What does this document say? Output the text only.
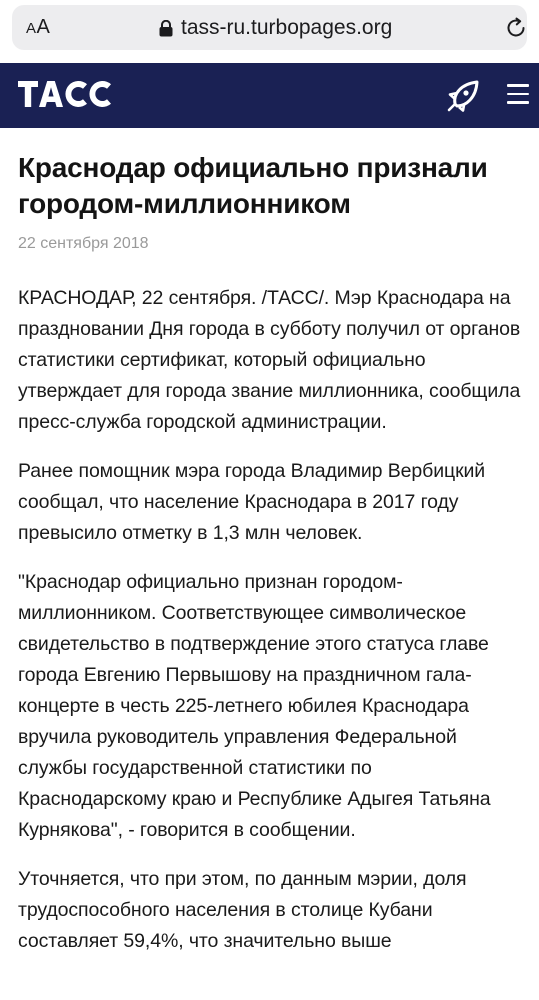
AA	tass-ru.turbopages.org
Краснодар официально признали городом-миллионником
22 сентября 2018

КРАСНОДАР, 22 сентября. /ТАСС/. Мэр Краснодара на праздновании Дня города в субботу получил от органов статистики сертификат, который официально утверждает для города звание миллионника, сообщила пресс-служба городской администрации.

Ранее помощник мэра города Владимир Вербицкий сообщал, что население Краснодара в 2017 году превысило отметку в 1,3 млн человек.

"Краснодар официально признан городом-миллионником. Соответствующее символическое свидетельство в подтверждение этого статуса главе города Евгению Первышову на праздничном гала-концерте в честь 225-летнего юбилея Краснодара вручила руководитель управления Федеральной службы государственной статистики по Краснодарскому краю и Республике Адыгея Татьяна Курнякова", - говорится в сообщении.

Уточняется, что при этом, по данным мэрии, доля трудоспособного населения в столице Кубани составляет 59,4%, что значительно выше
